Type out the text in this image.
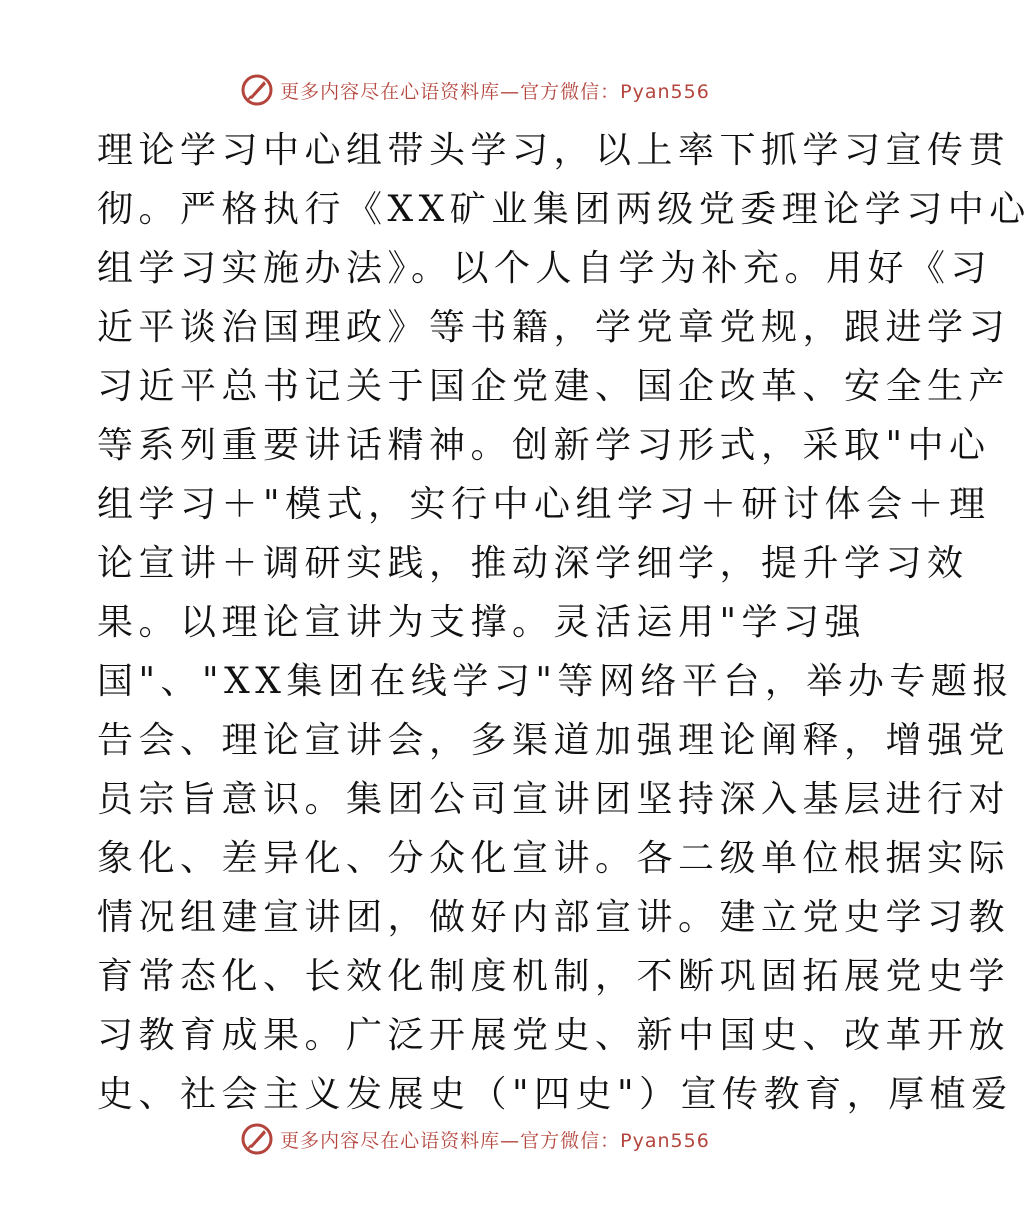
更多内容尽在心语资料库—官方微信：Pyan556
理论学习中心组带头学习，以上率下抓学习宣传贯
彻。严格执行《XX矿业集团两级党委理论学习中心
组学习实施办法》。以个人自学为补充。用好《习
近平谈治国理政》等书籍，学党章党规，跟进学习
习近平总书记关于国企党建、国企改革、安全生产
等系列重要讲话精神。创新学习形式，采取"中心
组学习＋"模式，实行中心组学习＋研讨体会＋理
论宣讲＋调研实践，推动深学细学，提升学习效
果。以理论宣讲为支撑。灵活运用"学习强
国"、"XX集团在线学习"等网络平台，举办专题报
告会、理论宣讲会，多渠道加强理论阐释，增强党
员宗旨意识。集团公司宣讲团坚持深入基层进行对
象化、差异化、分众化宣讲。各二级单位根据实际
情况组建宣讲团，做好内部宣讲。建立党史学习教
育常态化、长效化制度机制，不断巩固拓展党史学
习教育成果。广泛开展党史、新中国史、改革开放
史、社会主义发展史（"四史"）宣传教育，厚植爱
更多内容尽在心语资料库—官方微信：Pyan556
